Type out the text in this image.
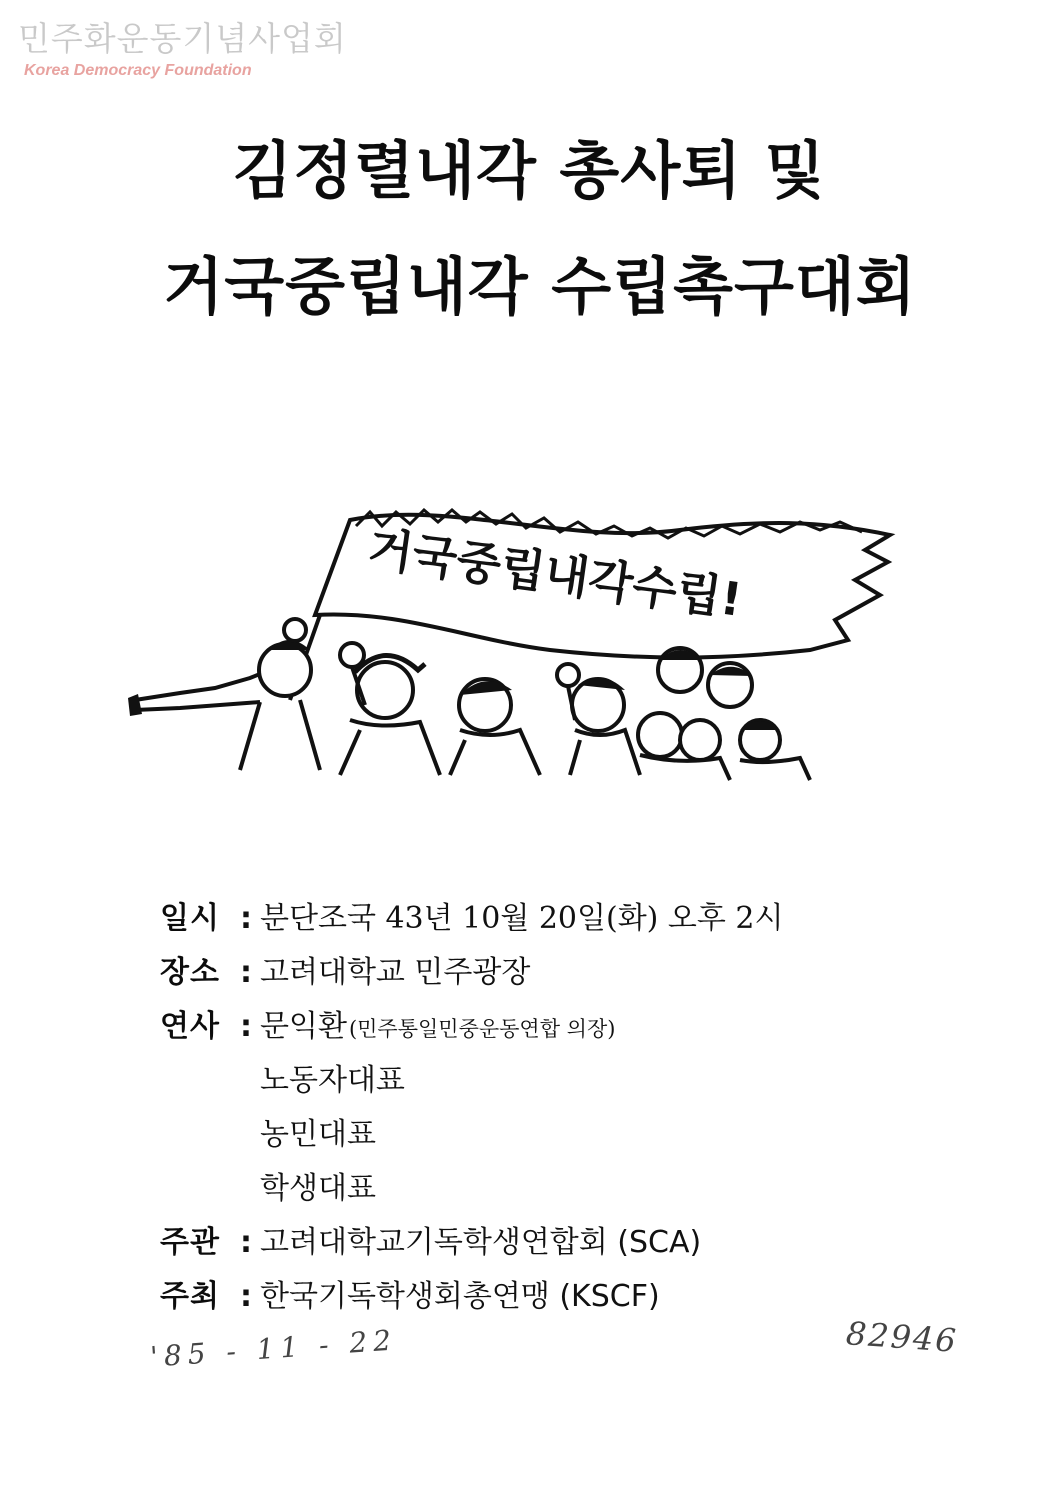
민주화운동기념사업회
Korea Democracy Foundation
김정렬내각 총사퇴 및
거국중립내각 수립촉구대회
거국중립내각수립!
일시 : 분단조국 43년 10월 20일(화) 오후 2시
장소 : 고려대학교 민주광장
연사 : 문익환 (민주통일민중운동연합 의장)
노동자대표
농민대표
학생대표
주관 : 고려대학교기독학생연합회 (SCA)
주최 : 한국기독학생회총연맹 (KSCF)
'85 - 11 - 22	82946
